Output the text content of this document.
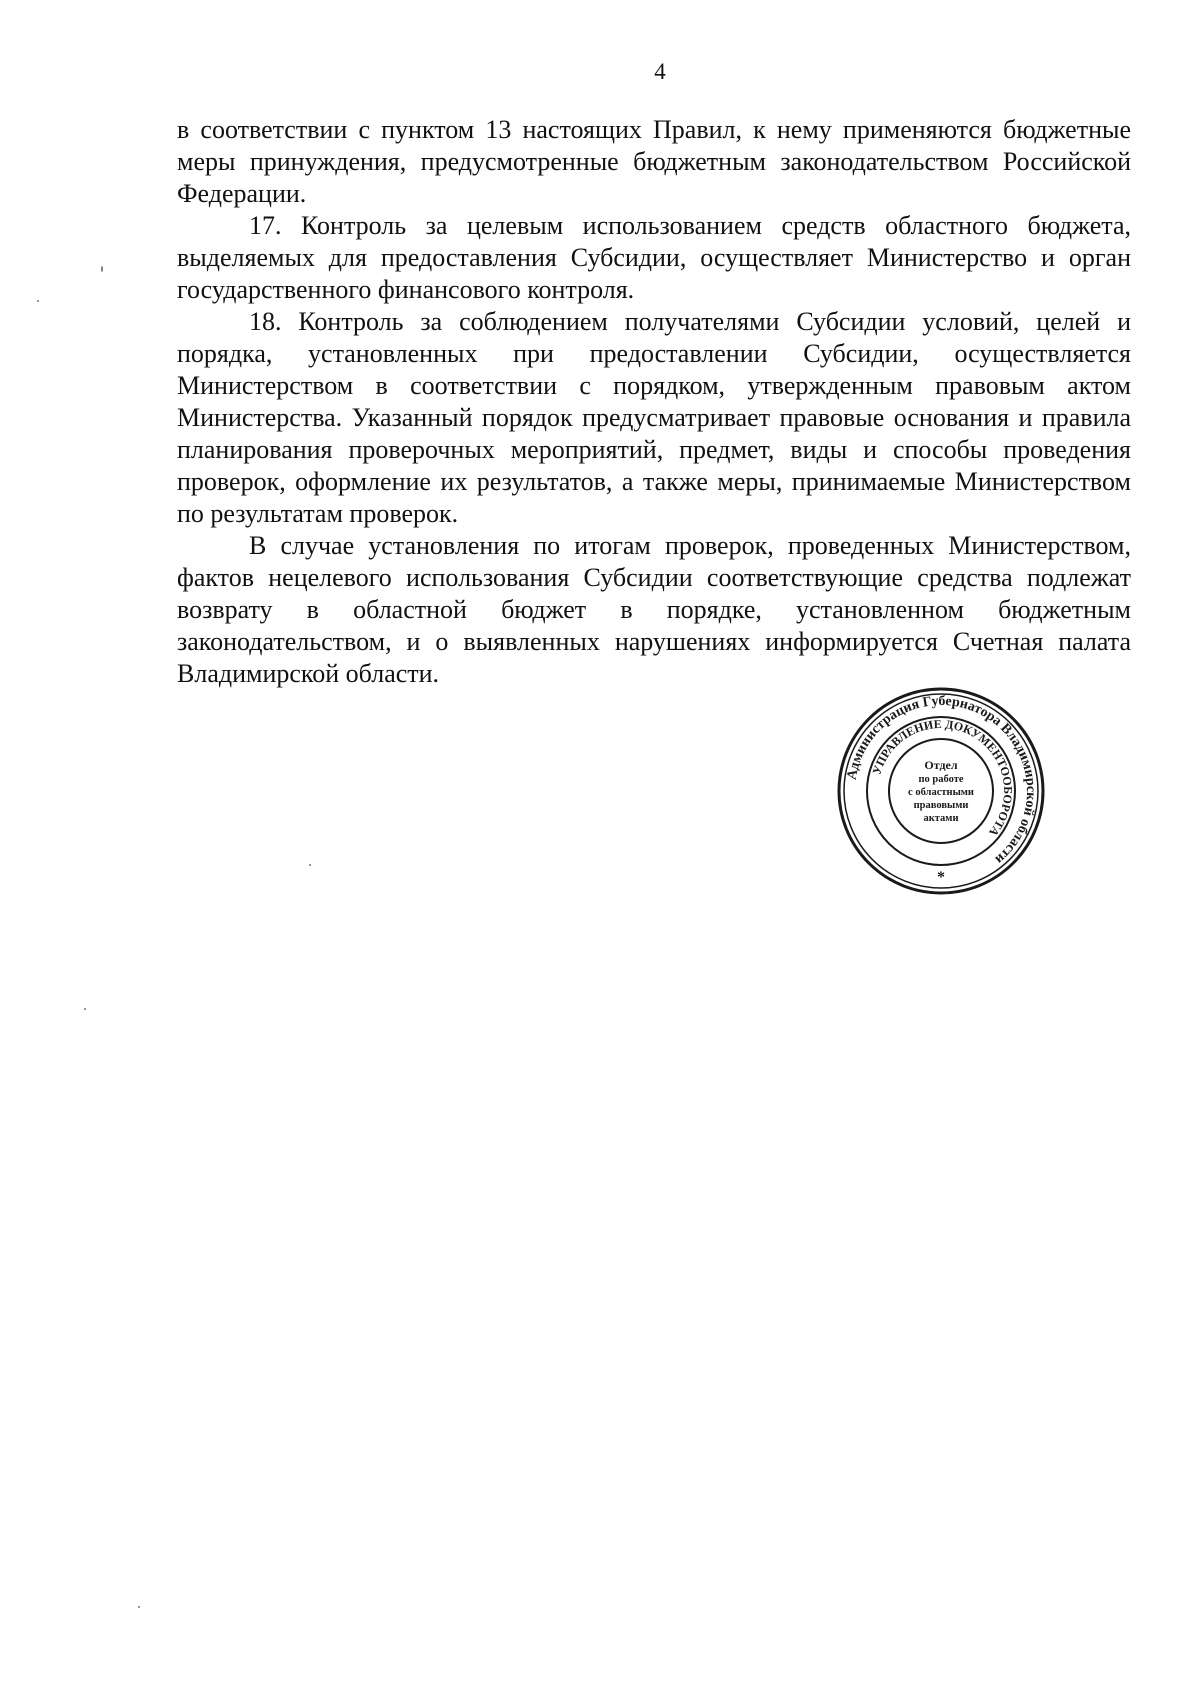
4

в соответствии с пунктом 13 настоящих Правил, к нему применяются бюджетные меры принуждения, предусмотренные бюджетным законодательством Российской Федерации.

17. Контроль за целевым использованием средств областного бюджета, выделяемых для предоставления Субсидии, осуществляет Министерство и орган государственного финансового контроля.

18. Контроль за соблюдением получателями Субсидии условий, целей и порядка, установленных при предоставлении Субсидии, осуществляется Министерством в соответствии с порядком, утвержденным правовым актом Министерства. Указанный порядок предусматривает правовые основания и правила планирования проверочных мероприятий, предмет, виды и способы проведения проверок, оформление их результатов, а также меры, принимаемые Министерством по результатам проверок.

В случае установления по итогам проверок, проведенных Министерством, фактов нецелевого использования Субсидии соответствующие средства подлежат возврату в областной бюджет в порядке, установленном бюджетным законодательством, и о выявленных нарушениях информируется Счетная палата Владимирской области.

Администрация Губернатора Владимирской области
УПРАВЛЕНИЕ ДОКУМЕНТООБОРОТА
*
Отдел
по работе
с областными
правовыми
актами
